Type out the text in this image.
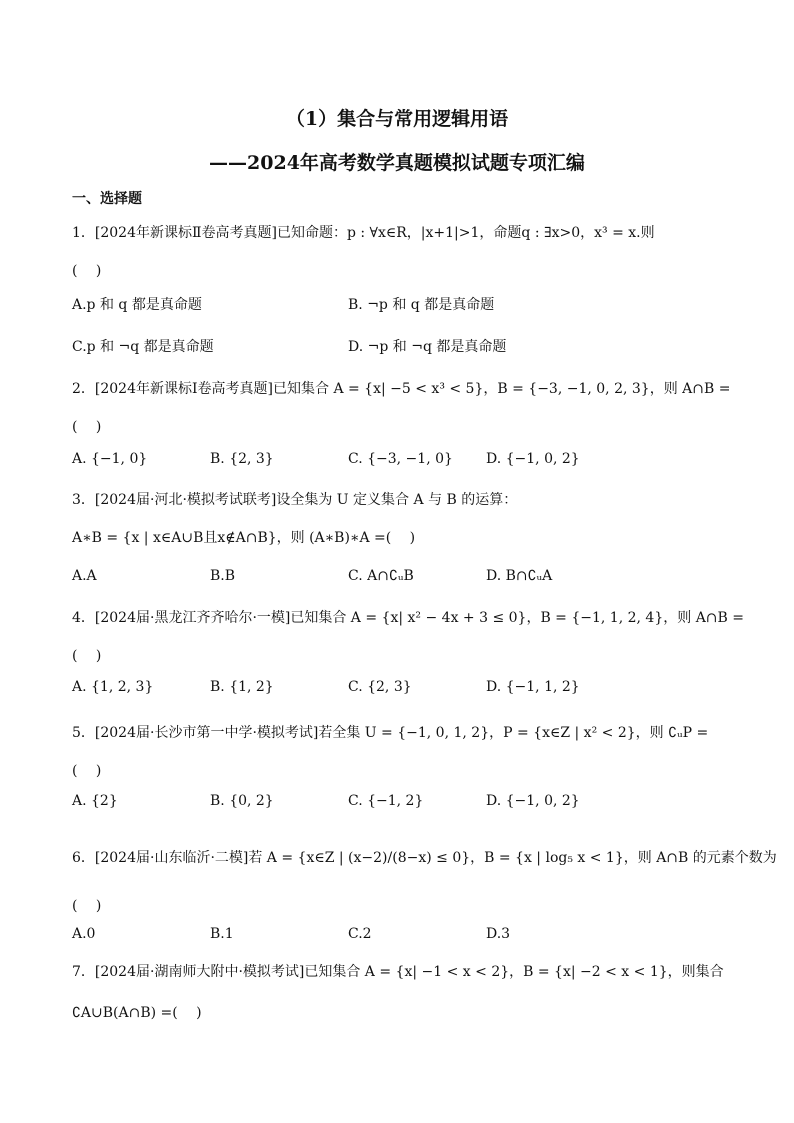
（1）集合与常用逻辑用语
——2024年高考数学真题模拟试题专项汇编
一、选择题
1．[2024年新课标Ⅱ卷高考真题]已知命题：p : ∀x∈R，|x+1|>1，命题q : ∃x>0，x³ = x.则
(　 )
A.p 和 q 都是真命题	B. ¬p 和 q 都是真命题
C.p 和 ¬q 都是真命题	D. ¬p 和 ¬q 都是真命题
2．[2024年新课标Ⅰ卷高考真题]已知集合 A = {x| −5 < x³ < 5}，B = {−3, −1, 0, 2, 3}，则 A∩B =
(　 )
A. {−1, 0}	B. {2, 3}	C. {−3, −1, 0} D. {−1, 0, 2}
3．[2024届·河北·模拟考试联考]设全集为 U 定义集合 A 与 B 的运算：
A∗B = {x | x∈A∪B且x∉A∩B}，则 (A∗B)∗A =(　 )
A.A	B.B	C. A∩∁ᵤB	D. B∩∁ᵤA
4．[2024届·黑龙江齐齐哈尔·一模]已知集合 A = {x| x² − 4x + 3 ≤ 0}，B = {−1, 1, 2, 4}，则 A∩B =
(　 )
A. {1, 2, 3}	B. {1, 2}	C. {2, 3}	D. {−1, 1, 2}
5．[2024届·长沙市第一中学·模拟考试]若全集 U = {−1, 0, 1, 2}，P = {x∈Z | x² < 2}，则 ∁ᵤP =
(　 )
A. {2}	B. {0, 2}	C. {−1, 2}	D. {−1, 0, 2}
6．[2024届·山东临沂·二模]若 A = {x∈Z | (x−2)/(8−x) ≤ 0}，B = {x | log₅ x < 1}，则 A∩B 的元素个数为
(　 )
A.0	B.1	C.2	D.3
7．[2024届·湖南师大附中·模拟考试]已知集合 A = {x| −1 < x < 2}，B = {x| −2 < x < 1}，则集合
∁A∪B(A∩B) =(　 )
